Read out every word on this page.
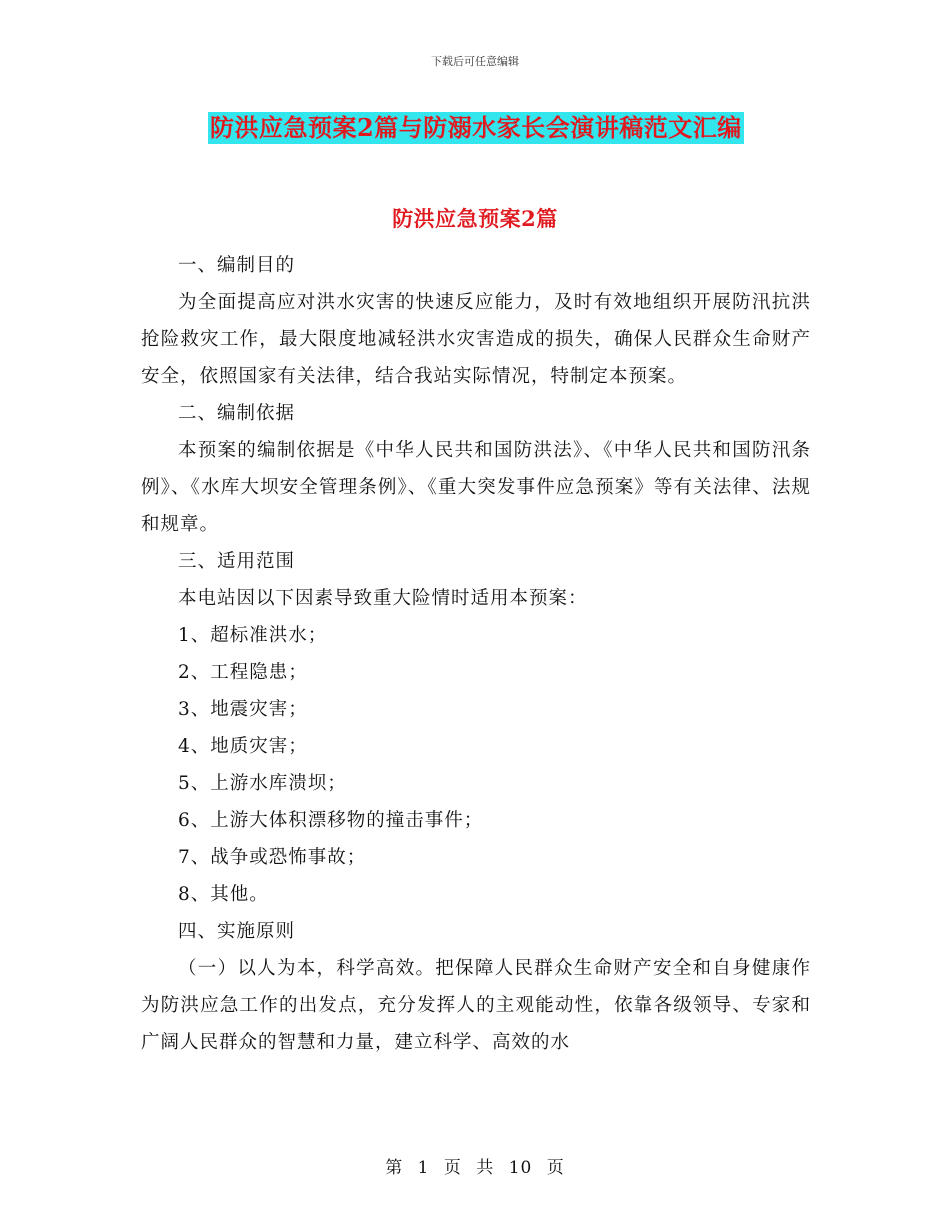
下载后可任意编辑
防洪应急预案2篇与防溺水家长会演讲稿范文汇编
防洪应急预案2篇

一、编制目的

为全面提高应对洪水灾害的快速反应能力，及时有效地组织开展防汛抗洪抢险救灾工作，最大限度地减轻洪水灾害造成的损失，确保人民群众生命财产安全，依照国家有关法律，结合我站实际情况，特制定本预案。

二、编制依据

本预案的编制依据是《中华人民共和国防洪法》、《中华人民共和国防汛条例》、《水库大坝安全管理条例》、《重大突发事件应急预案》等有关法律、法规和规章。

三、适用范围

本电站因以下因素导致重大险情时适用本预案：

1、超标准洪水；

2、工程隐患；

3、地震灾害；

4、地质灾害；

5、上游水库溃坝；

6、上游大体积漂移物的撞击事件；

7、战争或恐怖事故；

8、其他。

四、实施原则

（一）以人为本，科学高效。把保障人民群众生命财产安全和自身健康作为防洪应急工作的出发点，充分发挥人的主观能动性，依靠各级领导、专家和广阔人民群众的智慧和力量，建立科学、高效的水

第 1 页 共 10 页
